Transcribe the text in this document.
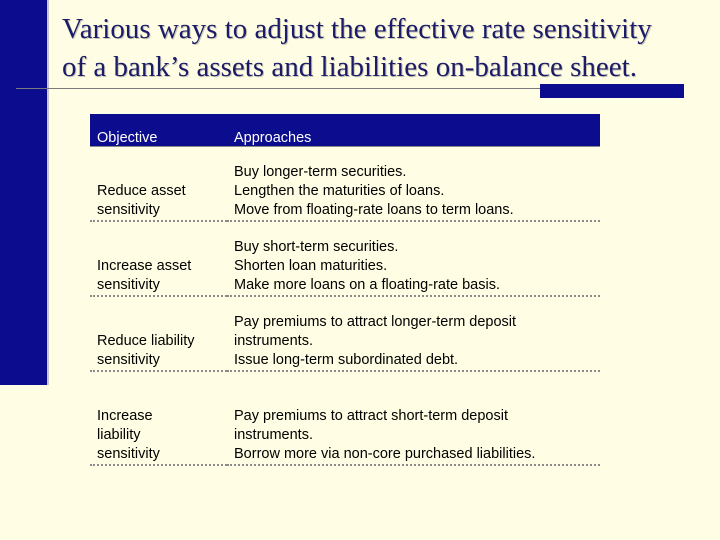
Various ways to adjust the effective rate sensitivity
of a bank’s assets and liabilities on-balance sheet.
Objective	Approaches

Reduce asset
sensitivity	Buy longer-term securities.
Lengthen the maturities of loans.
Move from floating-rate loans to term loans.

Increase asset
sensitivity	Buy short-term securities.
Shorten loan maturities.
Make more loans on a floating-rate basis.

Reduce liability
sensitivity	Pay premiums to attract longer-term deposit
instruments.
Issue long-term subordinated debt.

Increase
liability
sensitivity	Pay premiums to attract short-term deposit
instruments.
Borrow more via non-core purchased liabilities.
